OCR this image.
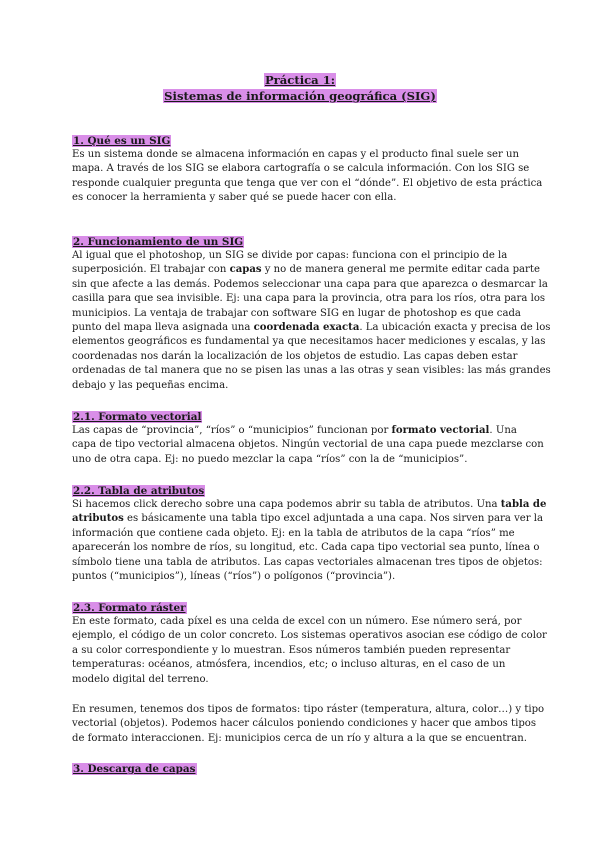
Práctica 1:
Sistemas de información geográfica (SIG)
1. Qué es un SIG
Es un sistema donde se almacena información en capas y el producto final suele ser un
mapa. A través de los SIG se elabora cartografía o se calcula información. Con los SIG se
responde cualquier pregunta que tenga que ver con el “dónde”. El objetivo de esta práctica
es conocer la herramienta y saber qué se puede hacer con ella.
2. Funcionamiento de un SIG
Al igual que el photoshop, un SIG se divide por capas: funciona con el principio de la
superposición. El trabajar con capas y no de manera general me permite editar cada parte
sin que afecte a las demás. Podemos seleccionar una capa para que aparezca o desmarcar la
casilla para que sea invisible. Ej: una capa para la provincia, otra para los ríos, otra para los
municipios. La ventaja de trabajar con software SIG en lugar de photoshop es que cada
punto del mapa lleva asignada una coordenada exacta. La ubicación exacta y precisa de los
elementos geográficos es fundamental ya que necesitamos hacer mediciones y escalas, y las
coordenadas nos darán la localización de los objetos de estudio. Las capas deben estar
ordenadas de tal manera que no se pisen las unas a las otras y sean visibles: las más grandes
debajo y las pequeñas encima.
2.1. Formato vectorial
Las capas de “provincia”, “ríos” o “municipios” funcionan por formato vectorial. Una
capa de tipo vectorial almacena objetos. Ningún vectorial de una capa puede mezclarse con
uno de otra capa. Ej: no puedo mezclar la capa “ríos” con la de “municipios”.
2.2. Tabla de atributos
Si hacemos click derecho sobre una capa podemos abrir su tabla de atributos. Una tabla de
atributos es básicamente una tabla tipo excel adjuntada a una capa. Nos sirven para ver la
información que contiene cada objeto. Ej: en la tabla de atributos de la capa “ríos” me
aparecerán los nombre de ríos, su longitud, etc. Cada capa tipo vectorial sea punto, línea o
símbolo tiene una tabla de atributos. Las capas vectoriales almacenan tres tipos de objetos:
puntos (“municipios”), líneas (“ríos”) o polígonos (“provincia”).
2.3. Formato ráster
En este formato, cada píxel es una celda de excel con un número. Ese número será, por
ejemplo, el código de un color concreto. Los sistemas operativos asocian ese código de color
a su color correspondiente y lo muestran. Esos números también pueden representar
temperaturas: océanos, atmósfera, incendios, etc; o incluso alturas, en el caso de un
modelo digital del terreno.
En resumen, tenemos dos tipos de formatos: tipo ráster (temperatura, altura, color…) y tipo
vectorial (objetos). Podemos hacer cálculos poniendo condiciones y hacer que ambos tipos
de formato interaccionen. Ej: municipios cerca de un río y altura a la que se encuentran.
3. Descarga de capas
